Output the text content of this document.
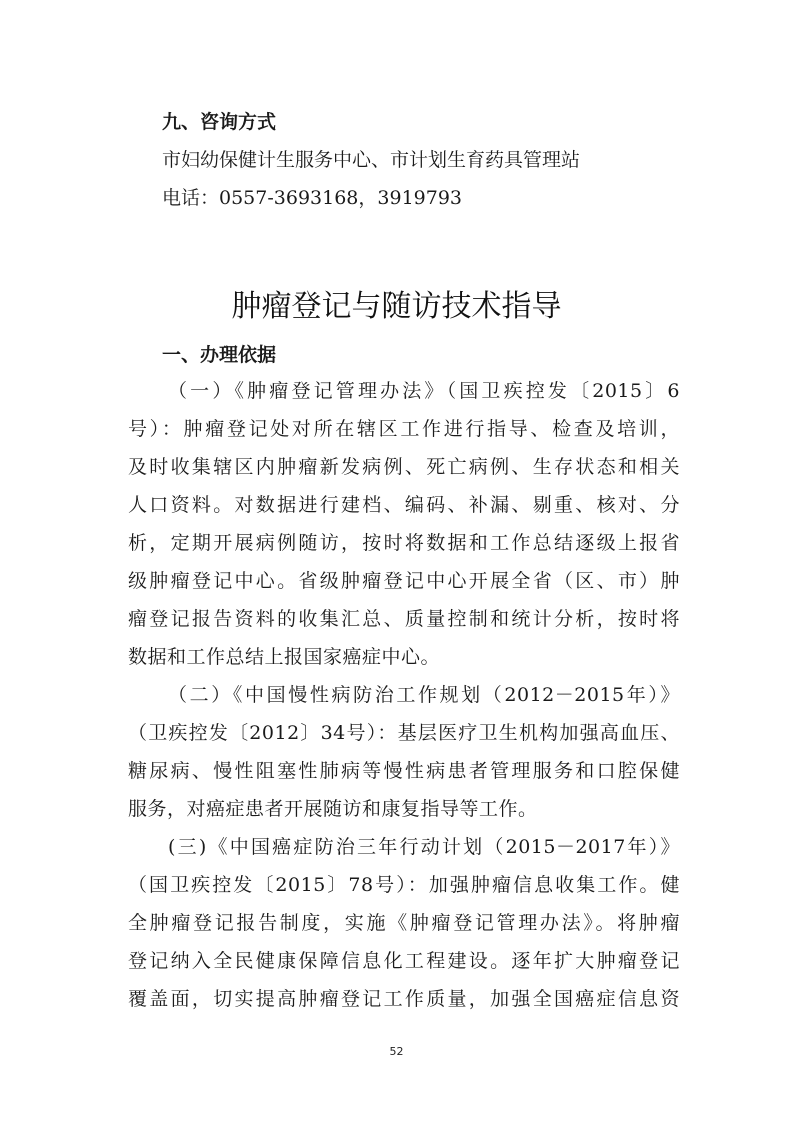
九、咨询方式
市妇幼保健计生服务中心、市计划生育药具管理站
电话：0557-3693168，3919793
肿瘤登记与随访技术指导
一、办理依据
（一）《肿瘤登记管理办法》（国卫疾控发〔2015〕6
号）：肿瘤登记处对所在辖区工作进行指导、检查及培训，
及时收集辖区内肿瘤新发病例、死亡病例、生存状态和相关
人口资料。对数据进行建档、编码、补漏、剔重、核对、分
析，定期开展病例随访，按时将数据和工作总结逐级上报省
级肿瘤登记中心。省级肿瘤登记中心开展全省（区、市）肿
瘤登记报告资料的收集汇总、质量控制和统计分析，按时将
数据和工作总结上报国家癌症中心。
（二）《中国慢性病防治工作规划（2012－2015年）》
（卫疾控发〔2012〕34号）：基层医疗卫生机构加强高血压、
糖尿病、慢性阻塞性肺病等慢性病患者管理服务和口腔保健
服务，对癌症患者开展随访和康复指导等工作。
(三)《中国癌症防治三年行动计划（2015－2017年）》
（国卫疾控发〔2015〕78号）：加强肿瘤信息收集工作。健
全肿瘤登记报告制度，实施《肿瘤登记管理办法》。将肿瘤
登记纳入全民健康保障信息化工程建设。逐年扩大肿瘤登记
覆盖面，切实提高肿瘤登记工作质量，加强全国癌症信息资
52
